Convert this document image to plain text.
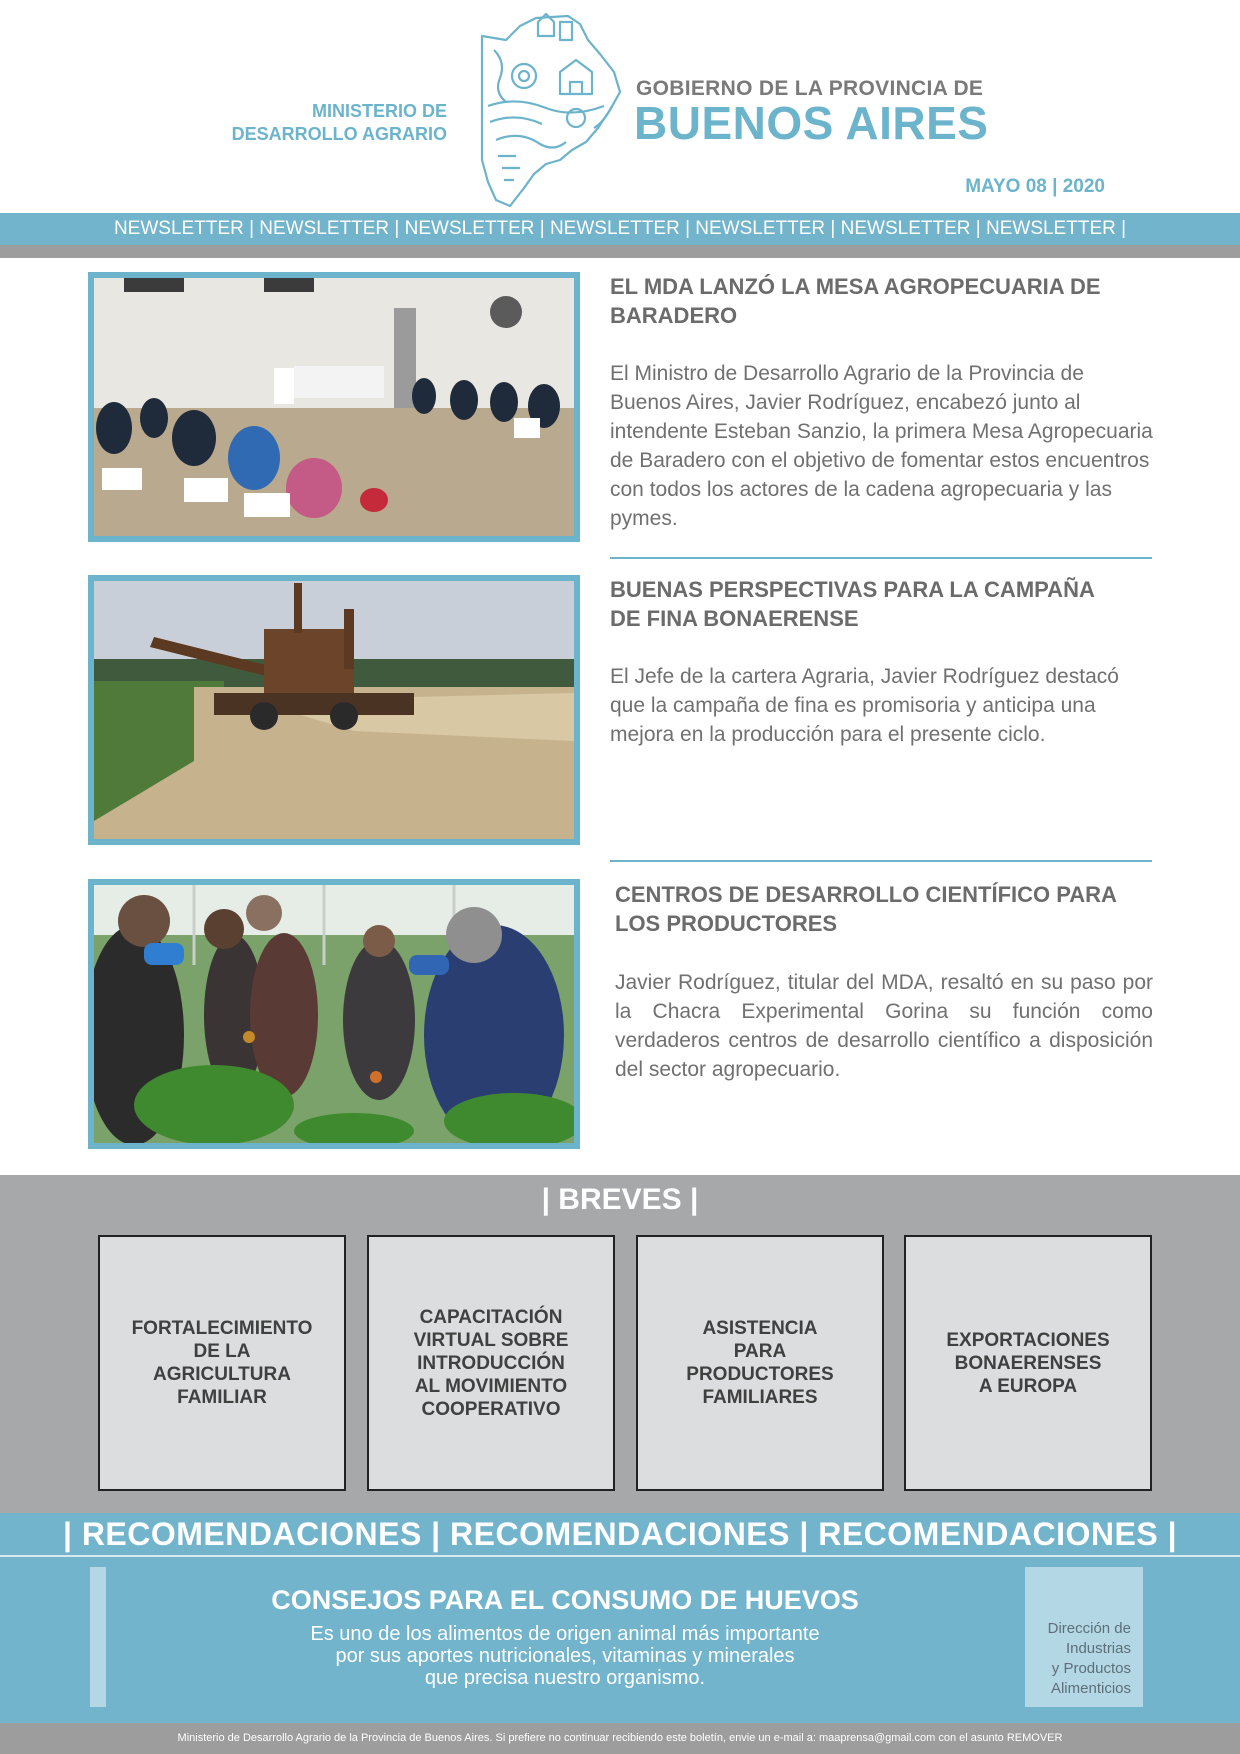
MINISTERIO DE
DESARROLLO AGRARIO
GOBIERNO DE LA PROVINCIA DE
BUENOS AIRES
MAYO 08 | 2020
NEWSLETTER | NEWSLETTER | NEWSLETTER | NEWSLETTER | NEWSLETTER | NEWSLETTER | NEWSLETTER |
EL MDA LANZÓ LA MESA AGROPECUARIA DE BARADERO
El Ministro de Desarrollo Agrario de la Provincia de Buenos Aires, Javier Rodríguez, encabezó junto al intendente Esteban Sanzio, la primera Mesa Agropecuaria de Baradero con el objetivo de fomentar estos encuentros con todos los actores de la cadena agropecuaria y las pymes.
BUENAS PERSPECTIVAS PARA LA CAMPAÑA DE FINA BONAERENSE
El Jefe de la cartera Agraria, Javier Rodríguez destacó que la campaña de fina es promisoria y anticipa una mejora en la producción para el presente ciclo.
CENTROS DE DESARROLLO CIENTÍFICO PARA LOS PRODUCTORES
Javier Rodríguez, titular del MDA, resaltó en su paso por la Chacra Experimental Gorina su función como verdaderos centros de desarrollo científico a disposición del sector agropecuario.
| BREVES |
FORTALECIMIENTO
DE LA
AGRICULTURA
FAMILIAR
CAPACITACIÓN
VIRTUAL SOBRE
INTRODUCCIÓN
AL MOVIMIENTO
COOPERATIVO
ASISTENCIA
PARA
PRODUCTORES
FAMILIARES
EXPORTACIONES
BONAERENSES
A EUROPA
| RECOMENDACIONES | RECOMENDACIONES | RECOMENDACIONES |
CONSEJOS PARA EL CONSUMO DE HUEVOS
Es uno de los alimentos de origen animal más importante
por sus aportes nutricionales, vitaminas y minerales
que precisa nuestro organismo.
Dirección de
Industrias
y Productos
Alimenticios
Ministerio de Desarrollo Agrario de la Provincia de Buenos Aires. Si prefiere no continuar recibiendo este boletín, envie un e-mail a: maaprensa@gmail.com con el asunto REMOVER
